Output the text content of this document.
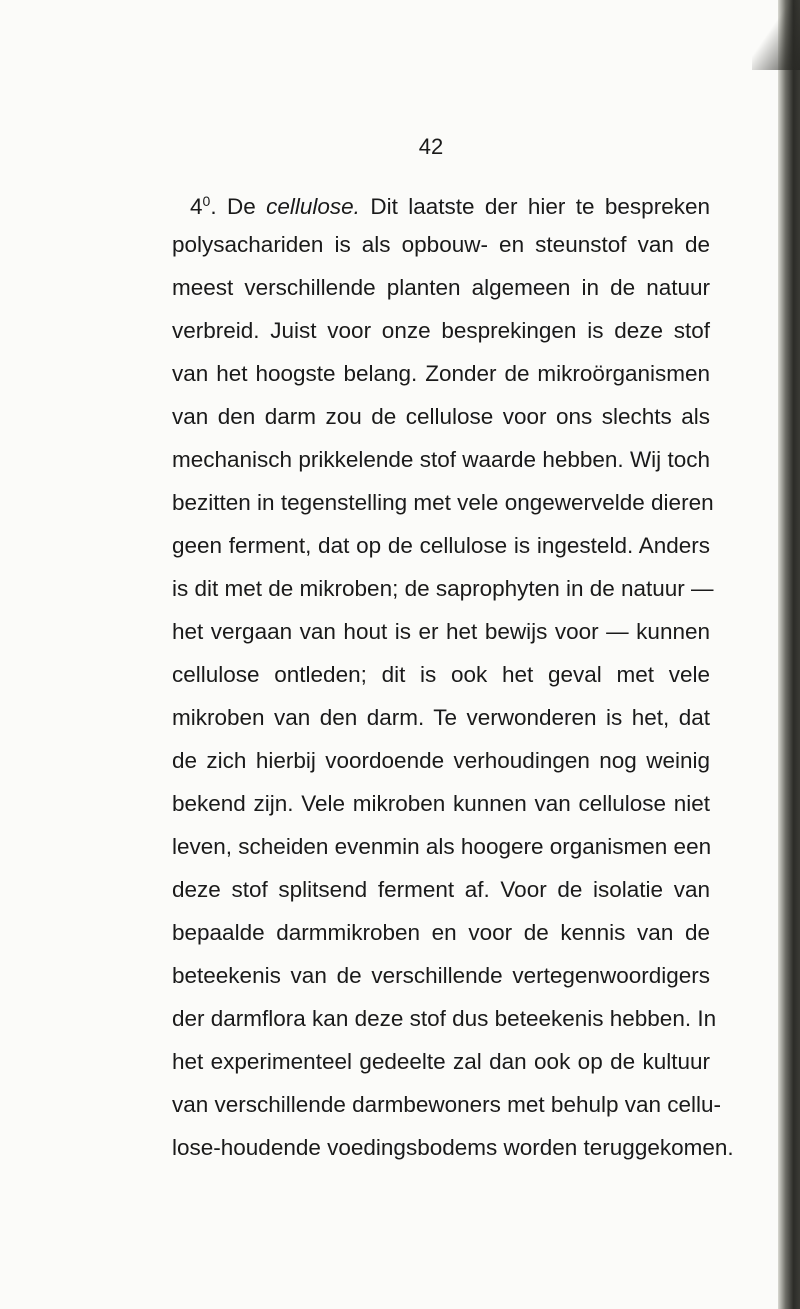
42
$4^0$. De cellulose. Dit laatste der hier te bespreken
polysachariden is als opbouw- en steunstof van de
meest verschillende planten algemeen in de natuur
verbreid. Juist voor onze besprekingen is deze stof
van het hoogste belang. Zonder de mikroörganismen
van den darm zou de cellulose voor ons slechts als
mechanisch prikkelende stof waarde hebben. Wij toch
bezitten in tegenstelling met vele ongewervelde dieren
geen ferment, dat op de cellulose is ingesteld. Anders
is dit met de mikroben; de saprophyten in de natuur —
het vergaan van hout is er het bewijs voor — kunnen
cellulose ontleden; dit is ook het geval met vele
mikroben van den darm. Te verwonderen is het, dat
de zich hierbij voordoende verhoudingen nog weinig
bekend zijn. Vele mikroben kunnen van cellulose niet
leven, scheiden evenmin als hoogere organismen een
deze stof splitsend ferment af. Voor de isolatie van
bepaalde darmmikroben en voor de kennis van de
beteekenis van de verschillende vertegenwoordigers
der darmflora kan deze stof dus beteekenis hebben. In
het experimenteel gedeelte zal dan ook op de kultuur
van verschillende darmbewoners met behulp van cellu-
lose-houdende voedingsbodems worden teruggekomen.
